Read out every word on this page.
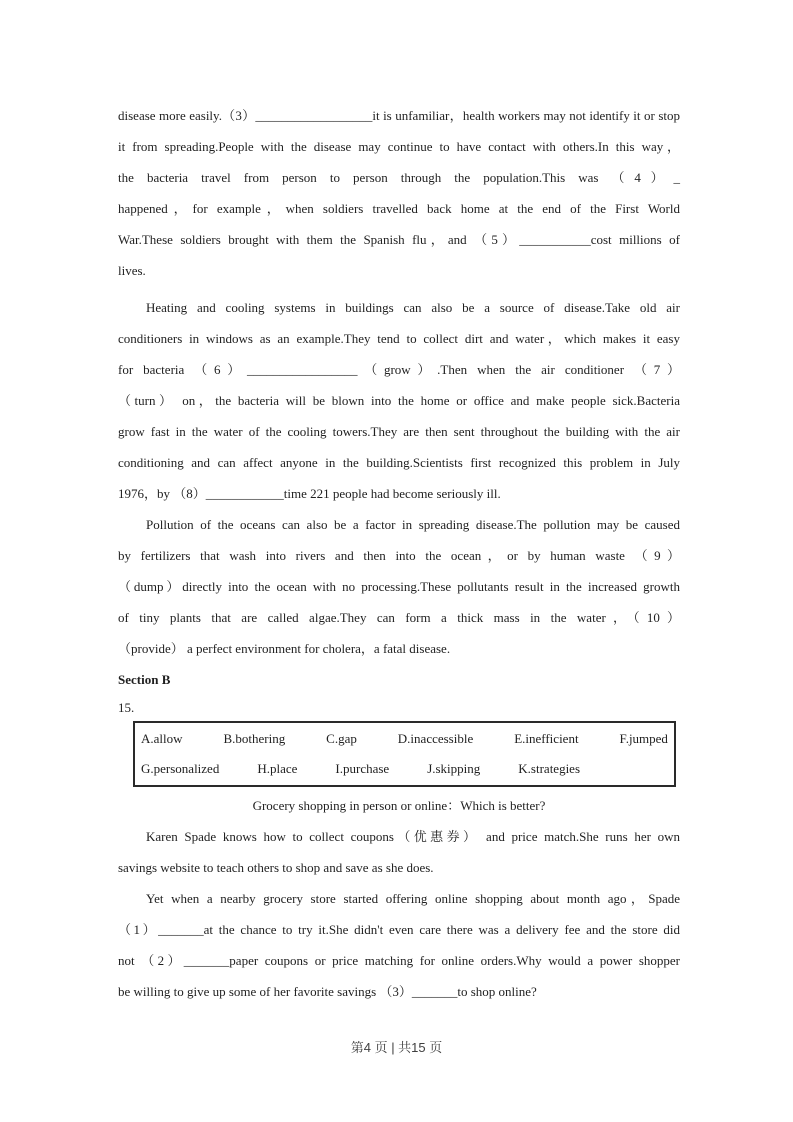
disease more easily.（3）__________________it is unfamiliar，health workers may not identify it or stop
it from spreading.People with the disease may continue to have contact with others.In this way，
the bacteria travel from person to person through the population.This was （4）_
happened，for example，when soldiers travelled back home at the end of the First World
War.These soldiers brought with them the Spanish flu，and （5）___________cost millions of
lives.
Heating and cooling systems in buildings can also be a source of disease.Take old air
conditioners in windows as an example.They tend to collect dirt and water，which makes it easy
for bacteria （6）_________________（grow）.Then when the air conditioner （7）
（turn） on，the bacteria will be blown into the home or office and make people sick.Bacteria
grow fast in the water of the cooling towers.They are then sent throughout the building with the air
conditioning and can affect anyone in the building.Scientists first recognized this problem in July
1976，by （8）____________time 221 people had become seriously ill.
Pollution of the oceans can also be a factor in spreading disease.The pollution may be caused
by fertilizers that wash into rivers and then into the ocean，or by human waste （9）
（dump）directly into the ocean with no processing.These pollutants result in the increased growth
of tiny plants that are called algae.They can form a thick mass in the water，（10）
（provide） a perfect environment for cholera，a fatal disease.
Section B
15.
A.allow	B.bothering	C.gap	D.inaccessible	E.inefficient	F.jumped
G.personalized	H.place	I.purchase	J.skipping	K.strategies
Grocery shopping in person or online：Which is better?
Karen Spade knows how to collect coupons（优惠券） and price match.She runs her own
savings website to teach others to shop and save as she does.
Yet when a nearby grocery store started offering online shopping about month ago，Spade
（1）_______at the chance to try it.She didn't even care there was a delivery fee and the store did
not （2）_______paper coupons or price matching for online orders.Why would a power shopper
be willing to give up some of her favorite savings （3）_______to shop online?
第4 页 | 共15 页
